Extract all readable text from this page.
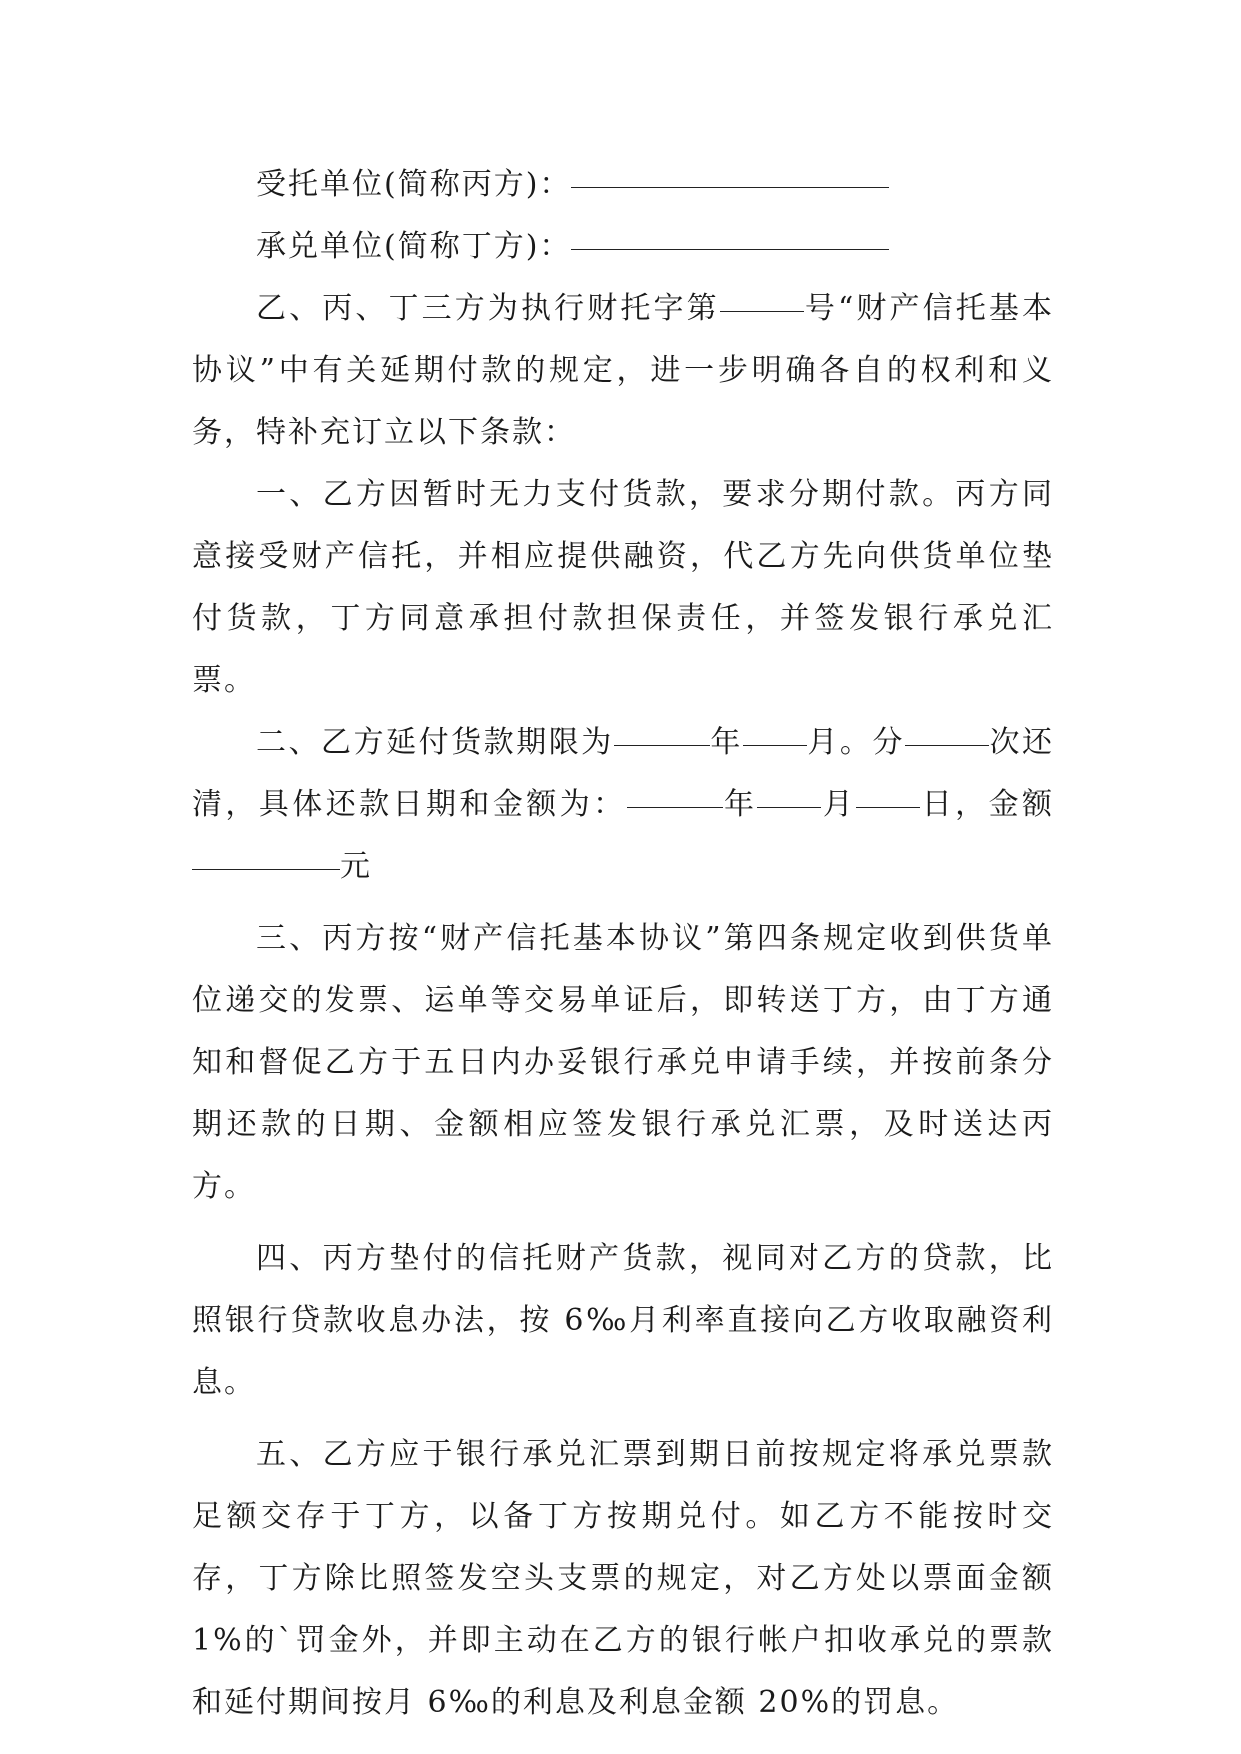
受托单位(简称丙方)：

承兑单位(简称丁方)：

乙、丙、丁三方为执行财托字第	号“财产信托基本协议”中有关延期付款的规定，进一步明确各自的权利和义务，特补充订立以下条款：

一、乙方因暂时无力支付货款，要求分期付款。丙方同意接受财产信托，并相应提供融资，代乙方先向供货单位垫付货款，丁方同意承担付款担保责任，并签发银行承兑汇票。

二、乙方延付货款期限为	年 月。分	次还清，具体还款日期和金额为：	年 月 日，金额元

三、丙方按“财产信托基本协议”第四条规定收到供货单位递交的发票、运单等交易单证后，即转送丁方，由丁方通知和督促乙方于五日内办妥银行承兑申请手续，并按前条分期还款的日期、金额相应签发银行承兑汇票，及时送达丙方。

四、丙方垫付的信托财产货款，视同对乙方的贷款，比照银行贷款收息办法，按 6‰月利率直接向乙方收取融资利息。

五、乙方应于银行承兑汇票到期日前按规定将承兑票款足额交存于丁方，以备丁方按期兑付。如乙方不能按时交存，丁方除比照签发空头支票的规定，对乙方处以票面金额 1%的`罚金外，并即主动在乙方的银行帐户扣收承兑的票款和延付期间按月 6‰的利息及利息金额 20%的罚息。
